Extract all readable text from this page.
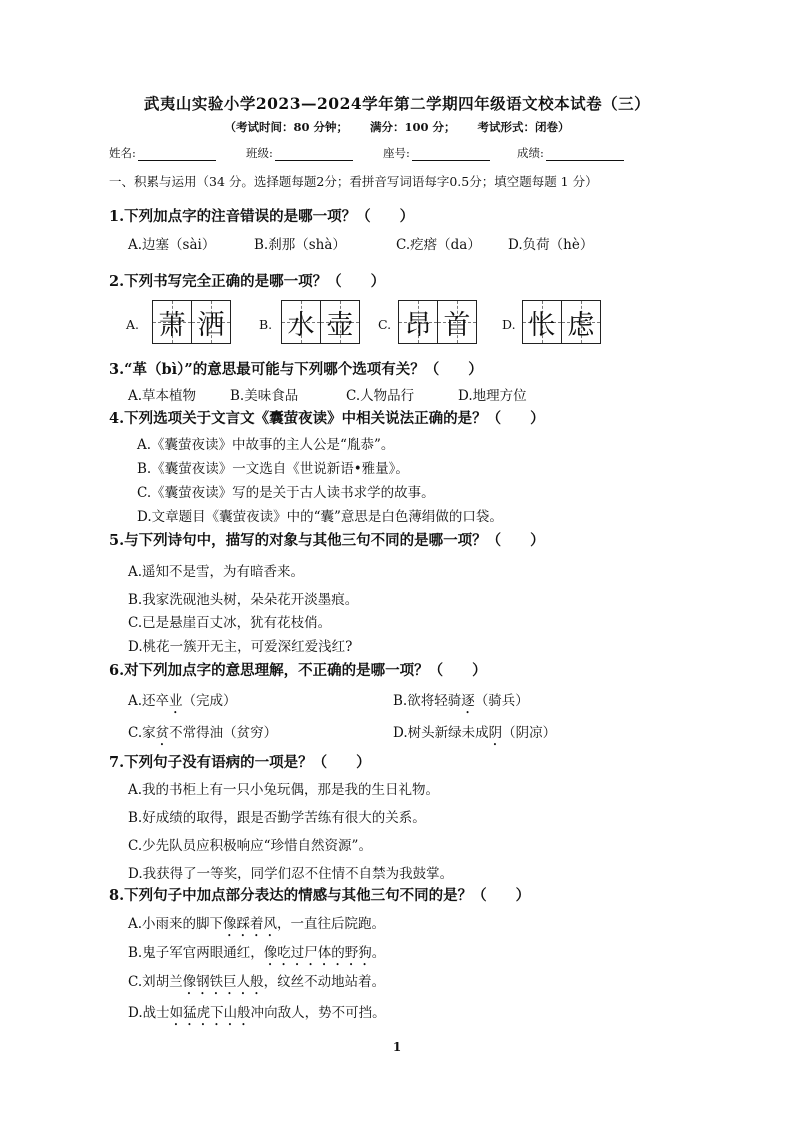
武夷山实验小学2023—2024学年第二学期四年级语文校本试卷（三）
（考试时间：80 分钟； 满分：100 分； 考试形式：闭卷）
姓名:	班级:	座号:	成绩:
一、积累与运用（34 分。选择题每题2分；看拼音写词语每字0.5分；填空题每题 1 分）
1.下列加点字的注音错误的是哪一项？（　　）
A.边塞（sài）	B.刹那（shà）	C.疙瘩（da） D.负荷（hè）
2.下列书写完全正确的是哪一项？（　　）
A. 萧 洒	B. 水 壶 C. 昂 首	D. 怅 虑
3.“革（bì）”的意思最可能与下列哪个选项有关？（　　）
A.草本植物	B.美味食品	C.人物品行	D.地理方位
4.下列选项关于文言文《囊萤夜读》中相关说法正确的是？（　　）
A.《囊萤夜读》中故事的主人公是“胤恭”。
B.《囊萤夜读》一文选自《世说新语•雅量》。
C.《囊萤夜读》写的是关于古人读书求学的故事。
D.文章题目《囊萤夜读》中的“囊”意思是白色薄绢做的口袋。
5.与下列诗句中，描写的对象与其他三句不同的是哪一项？（　　）
A.遥知不是雪，为有暗香来。
B.我家洗砚池头树，朵朵花开淡墨痕。
C.已是悬崖百丈冰，犹有花枝俏。
D.桃花一簇开无主，可爱深红爱浅红?
6.对下列加点字的意思理解，不正确的是哪一项？（　　）
A.还卒业（完成）	B.欲将轻骑逐（骑兵）
C.家贫不常得油（贫穷）	D.树头新绿未成阴（阴凉）
7.下列句子没有语病的一项是？（　　）
A.我的书柜上有一只小兔玩偶，那是我的生日礼物。
B.好成绩的取得，跟是否勤学苦练有很大的关系。
C.少先队员应积极响应“珍惜自然资源”。
D.我获得了一等奖，同学们忍不住情不自禁为我鼓掌。
8.下列句子中加点部分表达的情感与其他三句不同的是？（　　）
A.小雨来的脚下像踩着风，一直往后院跑。
B.鬼子军官两眼通红，像吃过尸体的野狗。
C.刘胡兰像钢铁巨人般，纹丝不动地站着。
D.战士如猛虎下山般冲向敌人，势不可挡。
1
